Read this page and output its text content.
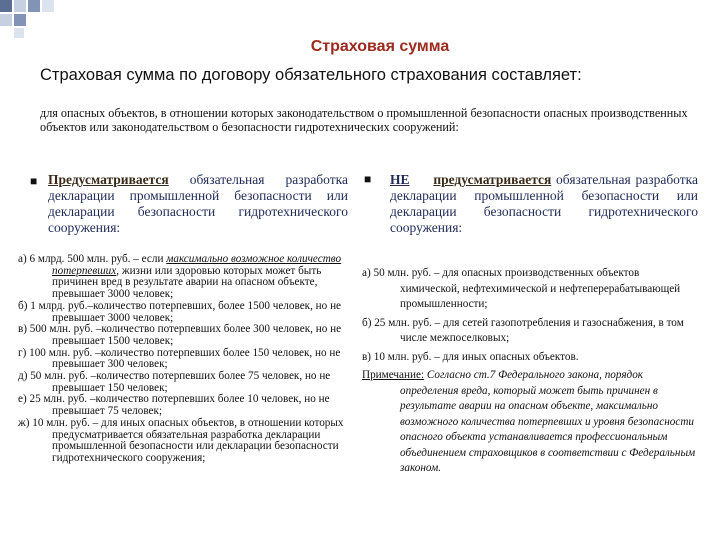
Страховая сумма
Страховая сумма по договору обязательного страхования составляет:
для опасных объектов, в отношении которых законодательством о промышленной безопасности опасных производственных объектов или законодательством о безопасности гидротехнических сооружений:
■ Предусматривается обязательная разработка декларации промышленной безопасности или декларации безопасности гидротехнического сооружения:
а) 6 млрд. 500 млн. руб. – если максимально возможное количество потерпевших, жизни или здоровью которых может быть причинен вред в результате аварии на опасном объекте, превышает 3000 человек;
б) 1 млрд. руб.–количество потерпевших, более 1500 человек, но не превышает 3000 человек;
в) 500 млн. руб. –количество потерпевших более 300 человек, но не превышает 1500 человек;
г) 100 млн. руб. –количество потерпевших более 150 человек, но не превышает 300 человек;
д) 50 млн. руб. –количество потерпевших более 75 человек, но не превышает 150 человек;
е) 25 млн. руб. –количество потерпевших более 10 человек, но не превышает 75 человек;
ж) 10 млн. руб. – для иных опасных объектов, в отношении которых предусматривается обязательная разработка декларации промышленной безопасности или декларации безопасности гидротехнического сооружения;
■ НЕ предусматривается обязательная разработка декларации промышленной безопасности или декларации безопасности гидротехнического сооружения:
а) 50 млн. руб. – для опасных производственных объектов химической, нефтехимической и нефтеперерабатывающей промышленности;
б) 25 млн. руб. – для сетей газопотребления и газоснабжения, в том числе межпоселковых;
в) 10 млн. руб. – для иных опасных объектов.
Примечание: Согласно ст.7 Федерального закона, порядок определения вреда, который может быть причинен в результате аварии на опасном объекте, максимально возможного количества потерпевших и уровня безопасности опасного объекта устанавливается профессиональным объединением страховщиков в соответствии с Федеральным законом.
